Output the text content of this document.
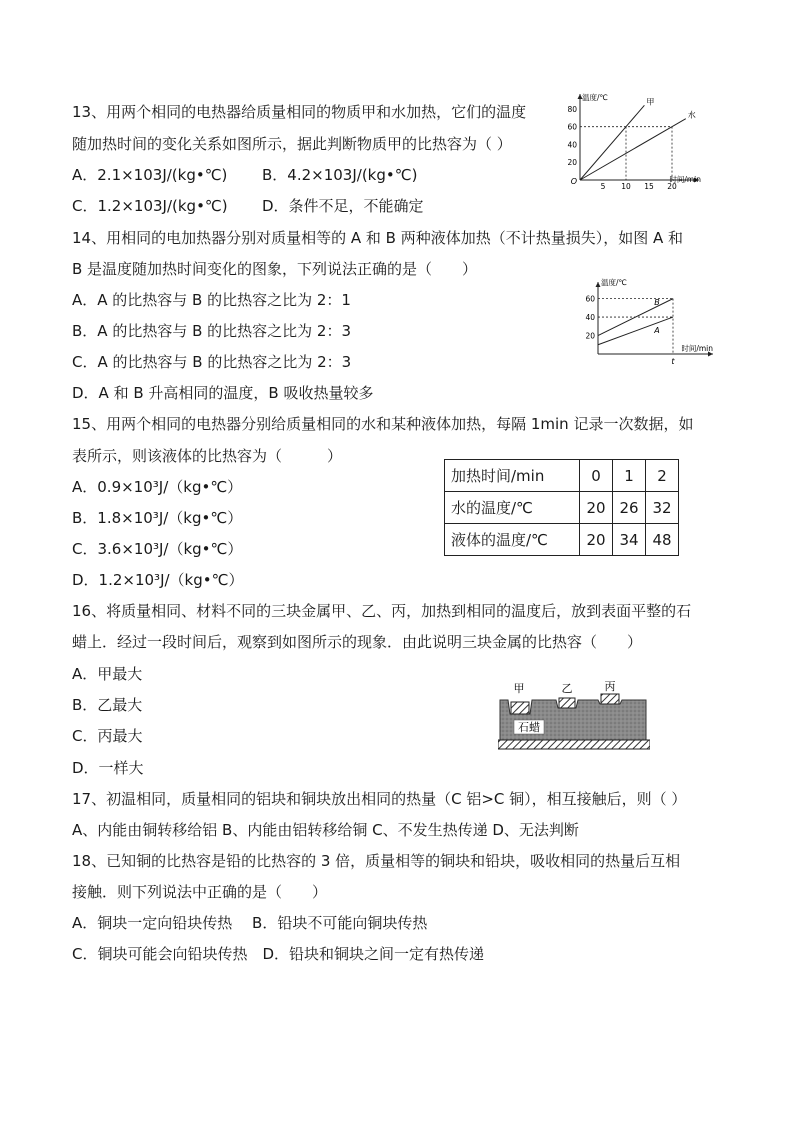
13、用两个相同的电热器给质量相同的物质甲和水加热，它们的温度
随加热时间的变化关系如图所示，据此判断物质甲的比热容为（ ）
A．2.1×103J/(kg•℃) B．4.2×103J/(kg•℃)
C．1.2×103J/(kg•℃) D．条件不足，不能确定
温度/℃
时间/min
O
20
40
60
80
5 10 15 20
甲
水
14、用相同的电加热器分别对质量相等的 A 和 B 两种液体加热（不计热量损失），如图 A 和
B 是温度随加热时间变化的图象，下列说法正确的是（　　）
A．A 的比热容与 B 的比热容之比为 2：1
B．A 的比热容与 B 的比热容之比为 2：3
C．A 的比热容与 B 的比热容之比为 2：3
D．A 和 B 升高相同的温度，B 吸收热量较多
温度/℃
时间/min
20
40
60
t
B
A
15、用两个相同的电热器分别给质量相同的水和某种液体加热，每隔 1min 记录一次数据，如
表所示，则该液体的比热容为（　　　）
A．0.9×10³J/（kg•℃）
B．1.8×10³J/（kg•℃）
C．3.6×10³J/（kg•℃）
D．1.2×10³J/（kg•℃）
加热时间/min	0	1	2
水的温度/℃	20	26	32
液体的温度/℃	20	34	48
16、将质量相同、材料不同的三块金属甲、乙、丙，加热到相同的温度后，放到表面平整的石
蜡上．经过一段时间后，观察到如图所示的现象．由此说明三块金属的比热容（　　）
A．甲最大
B．乙最大
C．丙最大
D．一样大
甲	乙	丙
石蜡
17、初温相同，质量相同的铝块和铜块放出相同的热量（C 铝>C 铜），相互接触后，则（ ）
A、内能由铜转移给铝 B、内能由铝转移给铜 C、不发生热传递 D、无法判断
18、已知铜的比热容是铅的比热容的 3 倍，质量相等的铜块和铅块，吸收相同的热量后互相
接触．则下列说法中正确的是（　　）
A．铜块一定向铅块传热　 B．铅块不可能向铜块传热
C．铜块可能会向铅块传热　D．铅块和铜块之间一定有热传递
